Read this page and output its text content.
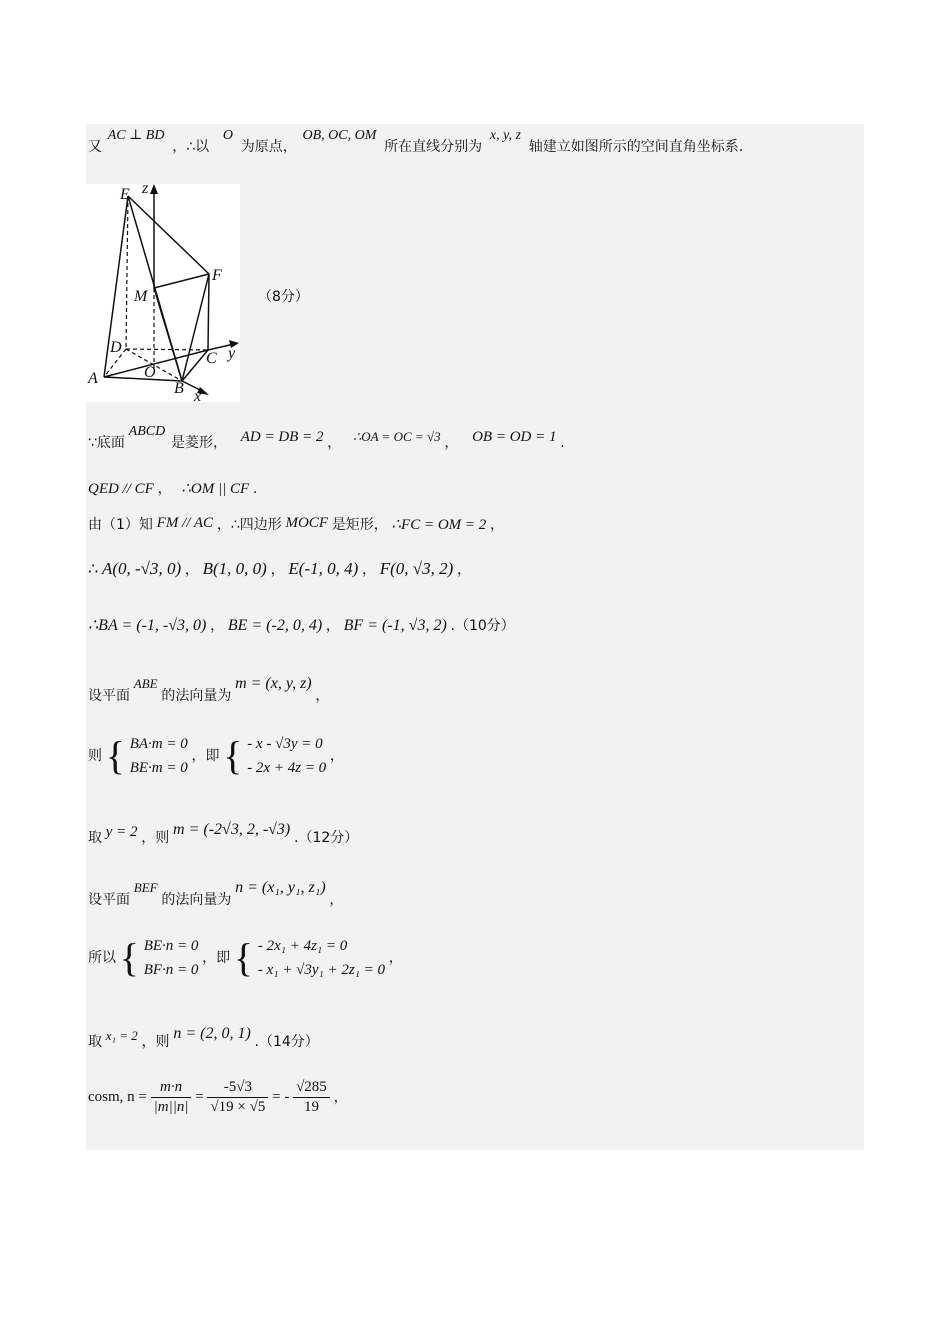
又 AC ⊥ BD ，∴以 O 为原点， OB, OC, OM 所在直线分别为 x, y, z 轴建立如图所示的空间直角坐标系.
E z
M
F
D
C y
A	O
B x
（8分）
∵底面 ABCD 是菱形， AD = DB = 2 ， ∴OA = OC = √3 ， OB = OD = 1 .
QED // CF ， ∴OM || CF .
由（1）知 FM // AC ，∴四边形 MOCF 是矩形， ∴FC = OM = 2 ，
∴ A(0, -√3, 0) ， B(1, 0, 0) ， E(-1, 0, 4) ， F(0, √3, 2) ，
∴BA = (-1, -√3, 0) ， BE = (-2, 0, 4) ， BF = (-1, √3, 2) .（10分）
设平面 ABE 的法向量为 m = (x, y, z) ，
则 { BA·m = 0
BE·m = 0
，即 { - x - √3y = 0
- 2x + 4z = 0
，
取 y = 2 ，则 m = (-2√3, 2, -√3) .（12分）
设平面 BEF 的法向量为 n = (x₁, y₁, z₁) ，
所以 { BE·n = 0
BF·n = 0
，即 { - 2x₁ + 4z₁ = 0
- x₁ + √3y₁ + 2z₁ = 0
，
取 x₁ = 2 ，则 n = (2, 0, 1) .（14分）
cosm, $n = \frac{m\cdot n}{|m||n|} = \frac{-5√3}{√19 \times √5}$ = - $\frac{√285}{19}$ ，
